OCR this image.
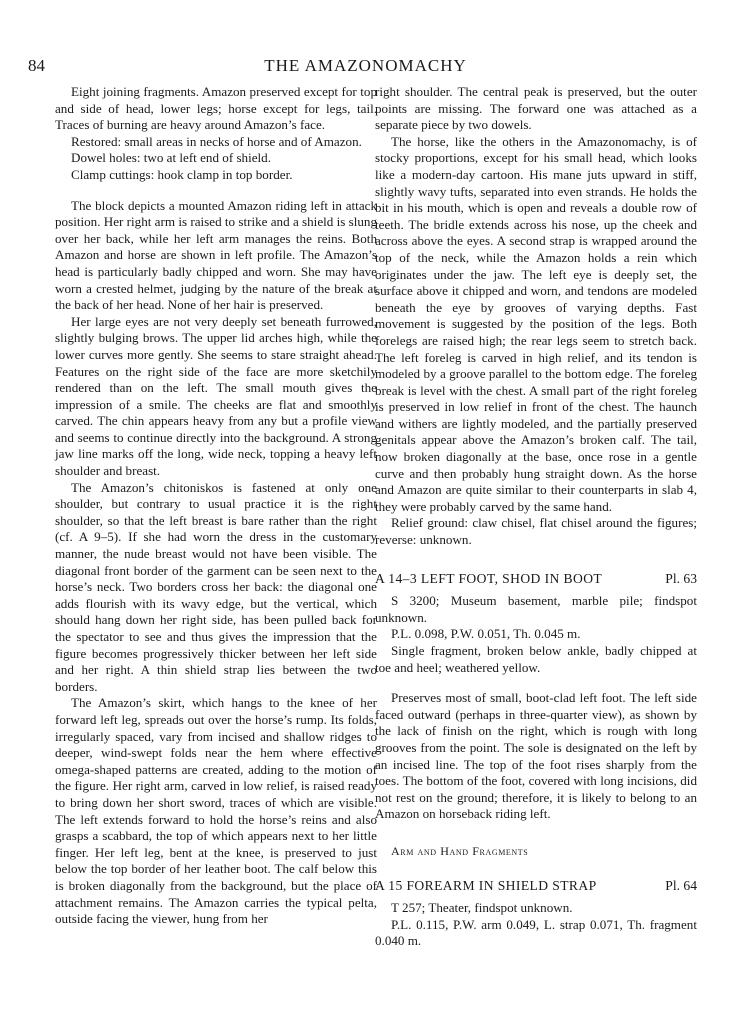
84	THE AMAZONOMACHY

Eight joining fragments. Amazon preserved except for top and side of head, lower legs; horse except for legs, tail. Traces of burning are heavy around Amazon’s face.

Restored: small areas in necks of horse and of Amazon.

Dowel holes: two at left end of shield.

Clamp cuttings: hook clamp in top border.

The block depicts a mounted Amazon riding left in attack position. Her right arm is raised to strike and a shield is slung over her back, while her left arm manages the reins. Both Amazon and horse are shown in left profile. The Amazon’s head is particularly badly chipped and worn. She may have worn a crested helmet, judging by the nature of the break at the back of her head. None of her hair is preserved.

Her large eyes are not very deeply set beneath furrowed, slightly bulging brows. The upper lid arches high, while the lower curves more gently. She seems to stare straight ahead. Features on the right side of the face are more sketchily rendered than on the left. The small mouth gives the impression of a smile. The cheeks are flat and smoothly carved. The chin appears heavy from any but a profile view and seems to continue directly into the background. A strong jaw line marks off the long, wide neck, topping a heavy left shoulder and breast.

The Amazon’s chitoniskos is fastened at only one shoulder, but contrary to usual practice it is the right shoulder, so that the left breast is bare rather than the right (cf. A 9–5). If she had worn the dress in the customary manner, the nude breast would not have been visible. The diagonal front border of the garment can be seen next to the horse’s neck. Two borders cross her back: the diagonal one adds flourish with its wavy edge, but the vertical, which should hang down her right side, has been pulled back for the spectator to see and thus gives the impression that the figure becomes progressively thicker between her left side and her right. A thin shield strap lies between the two borders.

The Amazon’s skirt, which hangs to the knee of her forward left leg, spreads out over the horse’s rump. Its folds, irregularly spaced, vary from incised and shallow ridges to deeper, wind-swept folds near the hem where effective omega-shaped patterns are created, adding to the motion of the figure. Her right arm, carved in low relief, is raised ready to bring down her short sword, traces of which are visible. The left extends forward to hold the horse’s reins and also grasps a scabbard, the top of which appears next to her little finger. Her left leg, bent at the knee, is preserved to just below the top border of her leather boot. The calf below this is broken diagonally from the background, but the place of attachment remains. The Amazon carries the typical pelta, outside facing the viewer, hung from her

right shoulder. The central peak is preserved, but the outer points are missing. The forward one was attached as a separate piece by two dowels.

The horse, like the others in the Amazonomachy, is of stocky proportions, except for his small head, which looks like a modern-day cartoon. His mane juts upward in stiff, slightly wavy tufts, separated into even strands. He holds the bit in his mouth, which is open and reveals a double row of teeth. The bridle extends across his nose, up the cheek and across above the eyes. A second strap is wrapped around the top of the neck, while the Amazon holds a rein which originates under the jaw. The left eye is deeply set, the surface above it chipped and worn, and tendons are modeled beneath the eye by grooves of varying depths. Fast movement is suggested by the position of the legs. Both forelegs are raised high; the rear legs seem to stretch back. The left foreleg is carved in high relief, and its tendon is modeled by a groove parallel to the bottom edge. The foreleg break is level with the chest. A small part of the right foreleg is preserved in low relief in front of the chest. The haunch and withers are lightly modeled, and the partially preserved genitals appear above the Amazon’s broken calf. The tail, now broken diagonally at the base, once rose in a gentle curve and then probably hung straight down. As the horse and Amazon are quite similar to their counterparts in slab 4, they were probably carved by the same hand.

Relief ground: claw chisel, flat chisel around the figures; reverse: unknown.

A 14–3 LEFT FOOT, SHOD IN BOOT	Pl. 63

S 3200; Museum basement, marble pile; findspot unknown.

P.L. 0.098, P.W. 0.051, Th. 0.045 m.

Single fragment, broken below ankle, badly chipped at toe and heel; weathered yellow.

Preserves most of small, boot-clad left foot. The left side faced outward (perhaps in three-quarter view), as shown by the lack of finish on the right, which is rough with long grooves from the point. The sole is designated on the left by an incised line. The top of the foot rises sharply from the toes. The bottom of the foot, covered with long incisions, did not rest on the ground; therefore, it is likely to belong to an Amazon on horseback riding left.

Arm and Hand Fragments

A 15 FOREARM IN SHIELD STRAP	Pl. 64

T 257; Theater, findspot unknown.

P.L. 0.115, P.W. arm 0.049, L. strap 0.071, Th. fragment 0.040 m.
